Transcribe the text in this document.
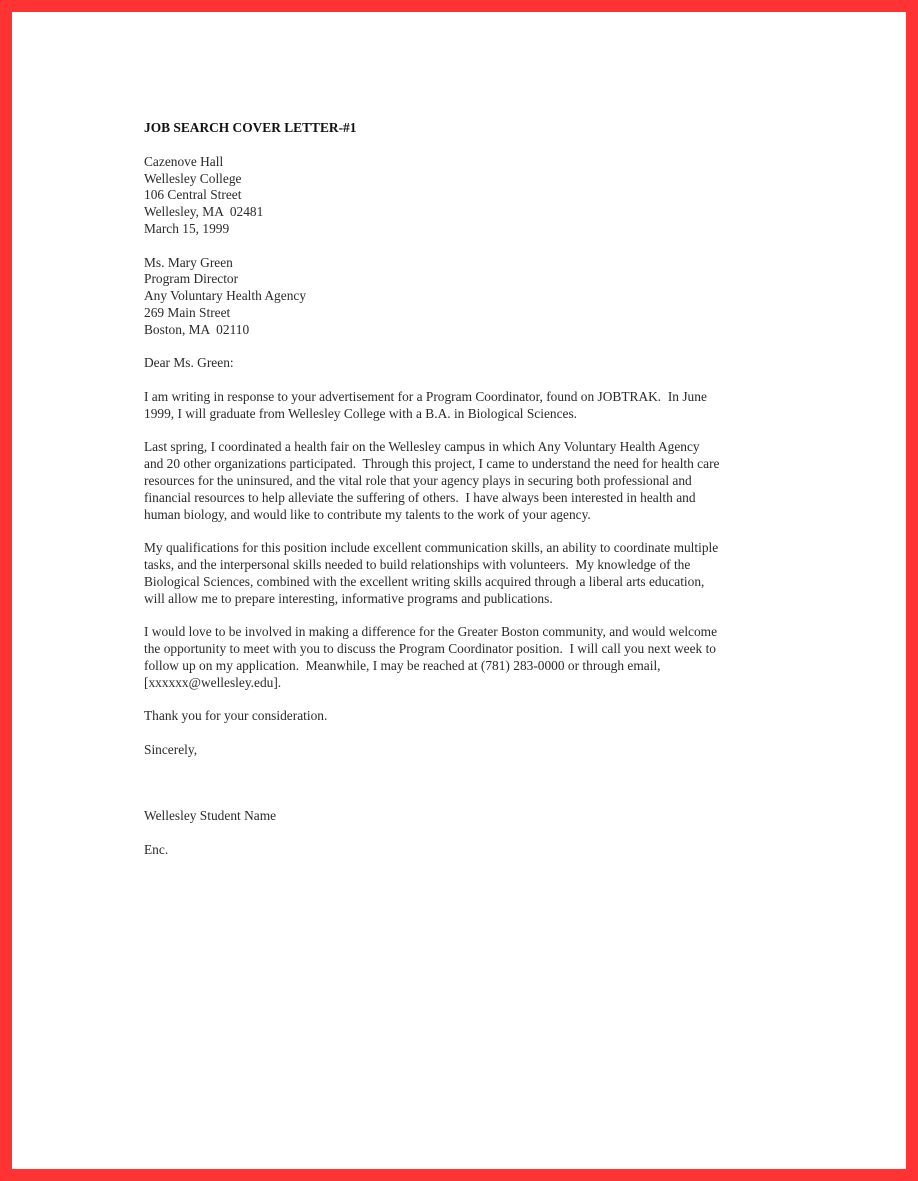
JOB SEARCH COVER LETTER-#1
Cazenove Hall
Wellesley College
106 Central Street
Wellesley, MA  02481
March 15, 1999
Ms. Mary Green
Program Director
Any Voluntary Health Agency
269 Main Street
Boston, MA  02110
Dear Ms. Green:
I am writing in response to your advertisement for a Program Coordinator, found on JOBTRAK.  In June
1999, I will graduate from Wellesley College with a B.A. in Biological Sciences.
Last spring, I coordinated a health fair on the Wellesley campus in which Any Voluntary Health Agency
and 20 other organizations participated.  Through this project, I came to understand the need for health care
resources for the uninsured, and the vital role that your agency plays in securing both professional and
financial resources to help alleviate the suffering of others.  I have always been interested in health and
human biology, and would like to contribute my talents to the work of your agency.
My qualifications for this position include excellent communication skills, an ability to coordinate multiple
tasks, and the interpersonal skills needed to build relationships with volunteers.  My knowledge of the
Biological Sciences, combined with the excellent writing skills acquired through a liberal arts education,
will allow me to prepare interesting, informative programs and publications.
I would love to be involved in making a difference for the Greater Boston community, and would welcome
the opportunity to meet with you to discuss the Program Coordinator position.  I will call you next week to
follow up on my application.  Meanwhile, I may be reached at (781) 283-0000 or through email,
[xxxxxx@wellesley.edu].
Thank you for your consideration.
Sincerely,
Wellesley Student Name
Enc.
